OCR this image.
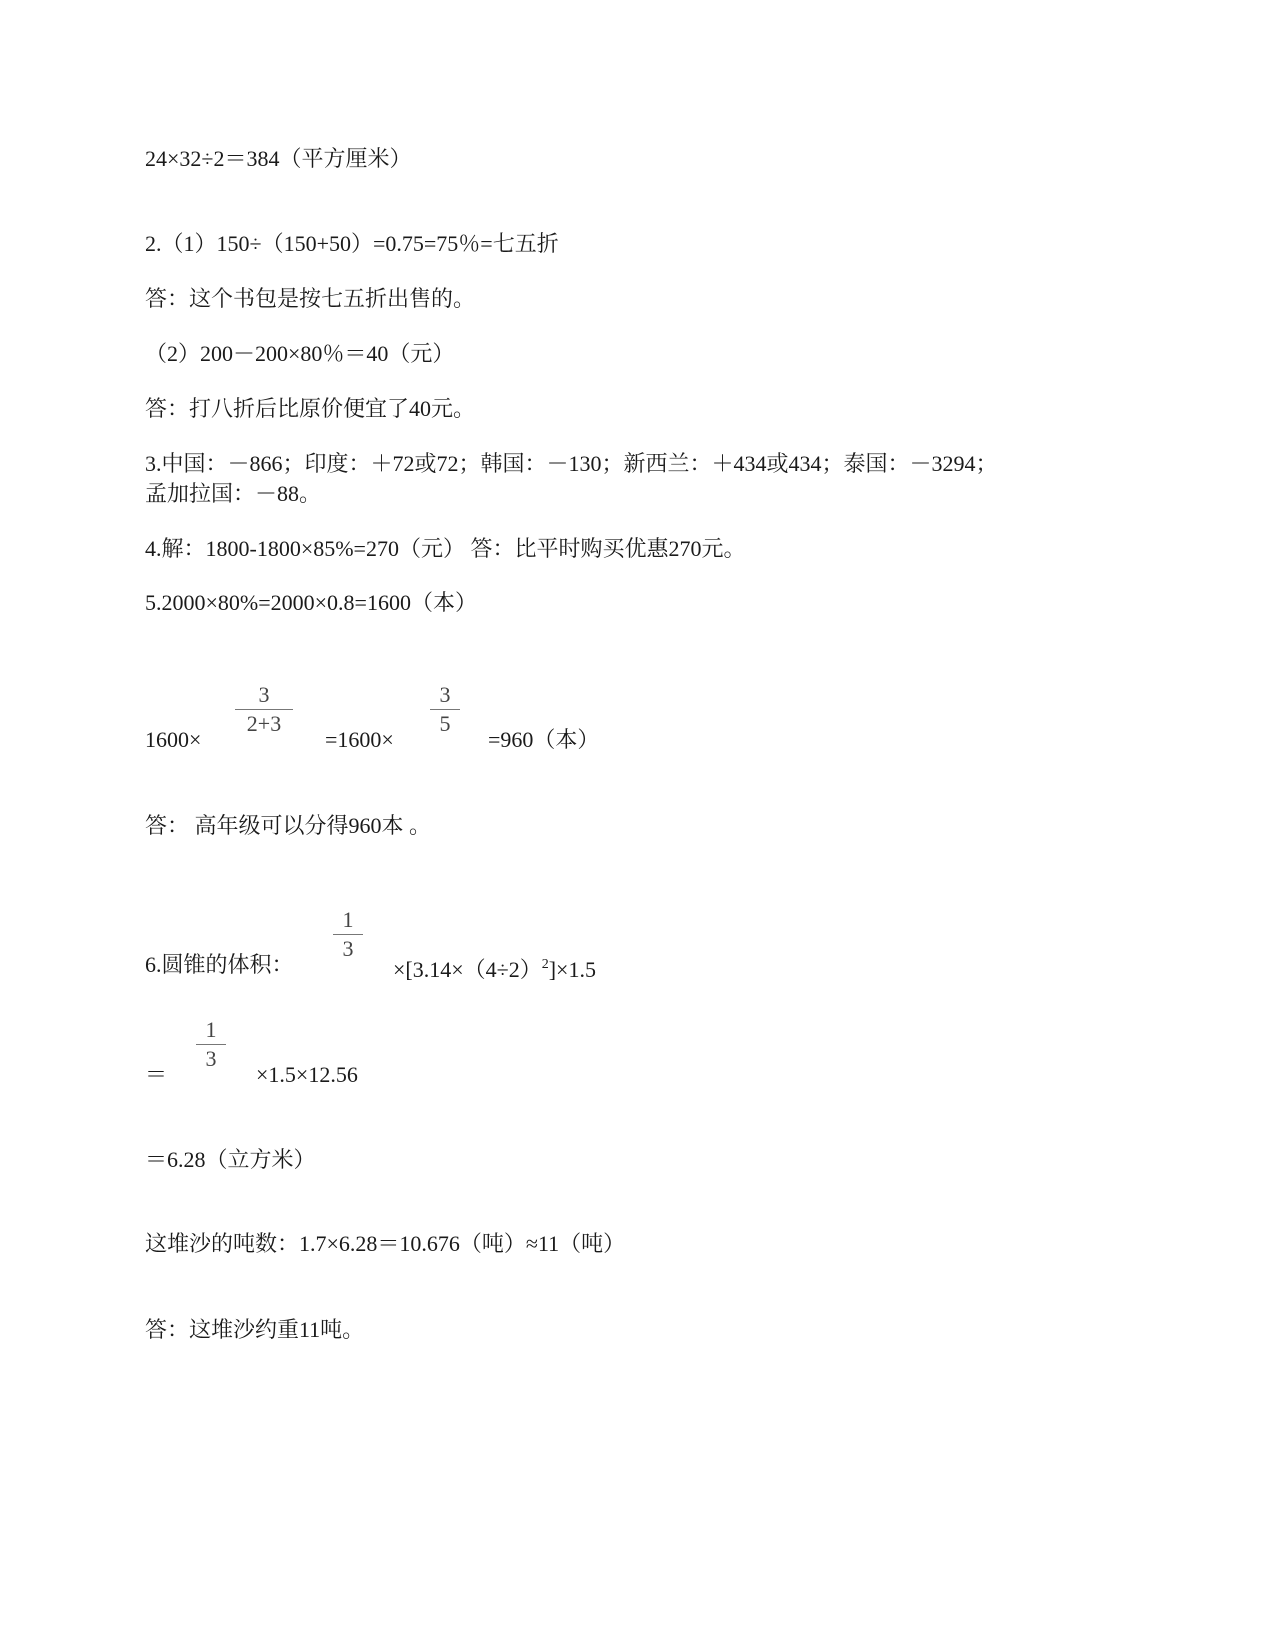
24×32÷2＝384（平方厘米）
2.（1）150÷（150+50）=0.75=75％=七五折
答：这个书包是按七五折出售的。
（2）200－200×80％＝40（元）
答：打八折后比原价便宜了40元。
3.中国：－866；印度：＋72或72；韩国：－130；新西兰：＋434或434；泰国：－3294；
孟加拉国：－88。
4.解：1800-1800×85%=270（元） 答：比平时购买优惠270元。
5.2000×80%=2000×0.8=1600（本）
1600×
3
2+3
=1600×
3
5
=960（本）
答： 高年级可以分得960本 。
6.圆锥的体积：
1
3
$\times[3.14\times(4\div 2)^2]\times 1.5$
＝
1
3
×1.5×12.56
＝6.28（立方米）
这堆沙的吨数：1.7×6.28＝10.676（吨）≈11（吨）
答：这堆沙约重11吨。
